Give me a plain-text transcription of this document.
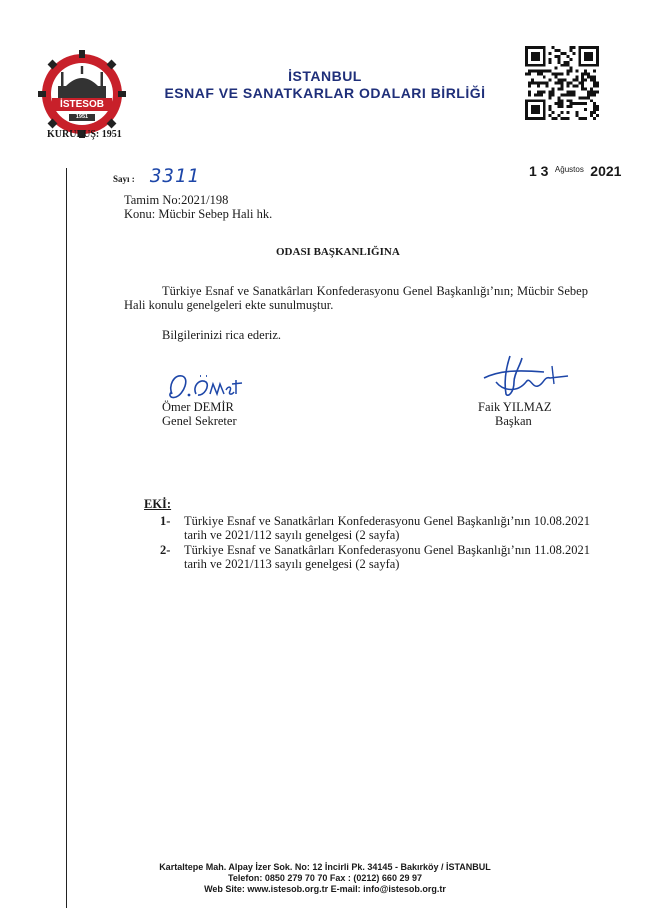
İSTESOB
1951
KURULUŞ: 1951
İSTANBUL
ESNAF VE SANATKARLAR ODALARI BİRLİĞİ
Sayı : 3311	1 3 $^{Ağustos}$ 2021
Tamim No:2021/198
Konu: Mücbir Sebep Hali hk.
ODASI BAŞKANLIĞINA
Türkiye Esnaf ve Sanatkârları Konfederasyonu Genel Başkanlığı’nın; Mücbir Sebep Hali konulu genelgeleri ekte sunulmuştur.
Bilgilerinizi rica ederiz.
Ömer DEMİR
Genel Sekreter
Faik YILMAZ
Başkan
EKİ:
1- Türkiye Esnaf ve Sanatkârları Konfederasyonu Genel Başkanlığı’nın 10.08.2021 tarih ve 2021/112 sayılı genelgesi (2 sayfa)
2- Türkiye Esnaf ve Sanatkârları Konfederasyonu Genel Başkanlığı’nın 11.08.2021 tarih ve 2021/113 sayılı genelgesi (2 sayfa)
Kartaltepe Mah. Alpay İzer Sok. No: 12 İncirli Pk. 34145 - Bakırköy / İSTANBUL
Telefon: 0850 279 70 70 Fax : (0212) 660 29 97
Web Site: www.istesob.org.tr E-mail: info@istesob.org.tr
